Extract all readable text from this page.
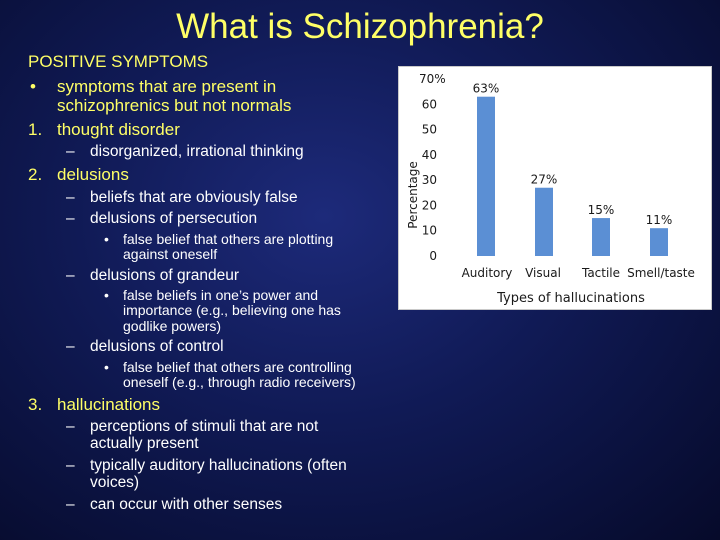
What is Schizophrenia?
POSITIVE SYMPTOMS
• symptoms that are present in
schizophrenics but not normals
1. thought disorder
– disorganized, irrational thinking
2. delusions
– beliefs that are obviously false
– delusions of persecution
• false belief that others are plotting
against oneself
– delusions of grandeur
• false beliefs in one’s power and
importance (e.g., believing one has
godlike powers)
– delusions of control
• false belief that others are controlling
oneself (e.g., through radio receivers)
3. hallucinations
– perceptions of stimuli that are not
actually present
– typically auditory hallucinations (often
voices)
– can occur with other senses
Percentage
Types of hallucinations
0
10
20
30
40
50
60
70%
63%
Auditory
27%
Visual
15%
Tactile
11%
Smell/taste
